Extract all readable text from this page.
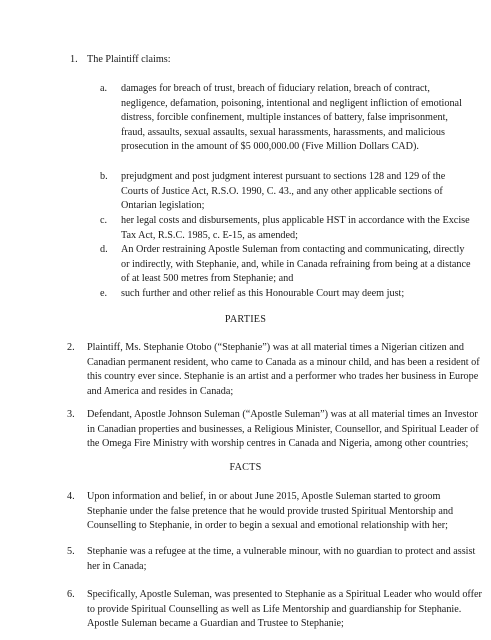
1. The Plaintiff claims:

a. damages for breach of trust, breach of fiduciary relation, breach of contract, negligence, defamation, poisoning, intentional and negligent infliction of emotional distress, forcible confinement, multiple instances of battery, false imprisonment, fraud, assaults, sexual assaults, sexual harassments, harassments, and malicious prosecution in the amount of $5 000,000.00 (Five Million Dollars CAD).

b. prejudgment and post judgment interest pursuant to sections 128 and 129 of the Courts of Justice Act, R.S.O. 1990, C. 43., and any other applicable sections of Ontarian legislation;

c. her legal costs and disbursements, plus applicable HST in accordance with the Excise Tax Act, R.S.C. 1985, c. E-15, as amended;

d. An Order restraining Apostle Suleman from contacting and communicating, directly or indirectly, with Stephanie, and, while in Canada refraining from being at a distance of at least 500 metres from Stephanie; and

e. such further and other relief as this Honourable Court may deem just;

PARTIES
2. Plaintiff, Ms. Stephanie Otobo (“Stephanie”) was at all material times a Nigerian citizen and Canadian permanent resident, who came to Canada as a minour child, and has been a resident of this country ever since. Stephanie is an artist and a performer who trades her business in Europe and America and resides in Canada;

3. Defendant, Apostle Johnson Suleman (“Apostle Suleman”) was at all material times an Investor in Canadian properties and businesses, a Religious Minister, Counsellor, and Spiritual Leader of the Omega Fire Ministry with worship centres in Canada and Nigeria, among other countries;

FACTS
4. Upon information and belief, in or about June 2015, Apostle Suleman started to groom Stephanie under the false pretence that he would provide trusted Spiritual Mentorship and Counselling to Stephanie, in order to begin a sexual and emotional relationship with her;

5. Stephanie was a refugee at the time, a vulnerable minour, with no guardian to protect and assist her in Canada;

6. Specifically, Apostle Suleman, was presented to Stephanie as a Spiritual Leader who would offer to provide Spiritual Counselling as well as Life Mentorship and guardianship for Stephanie. Apostle Suleman became a Guardian and Trustee to Stephanie;
